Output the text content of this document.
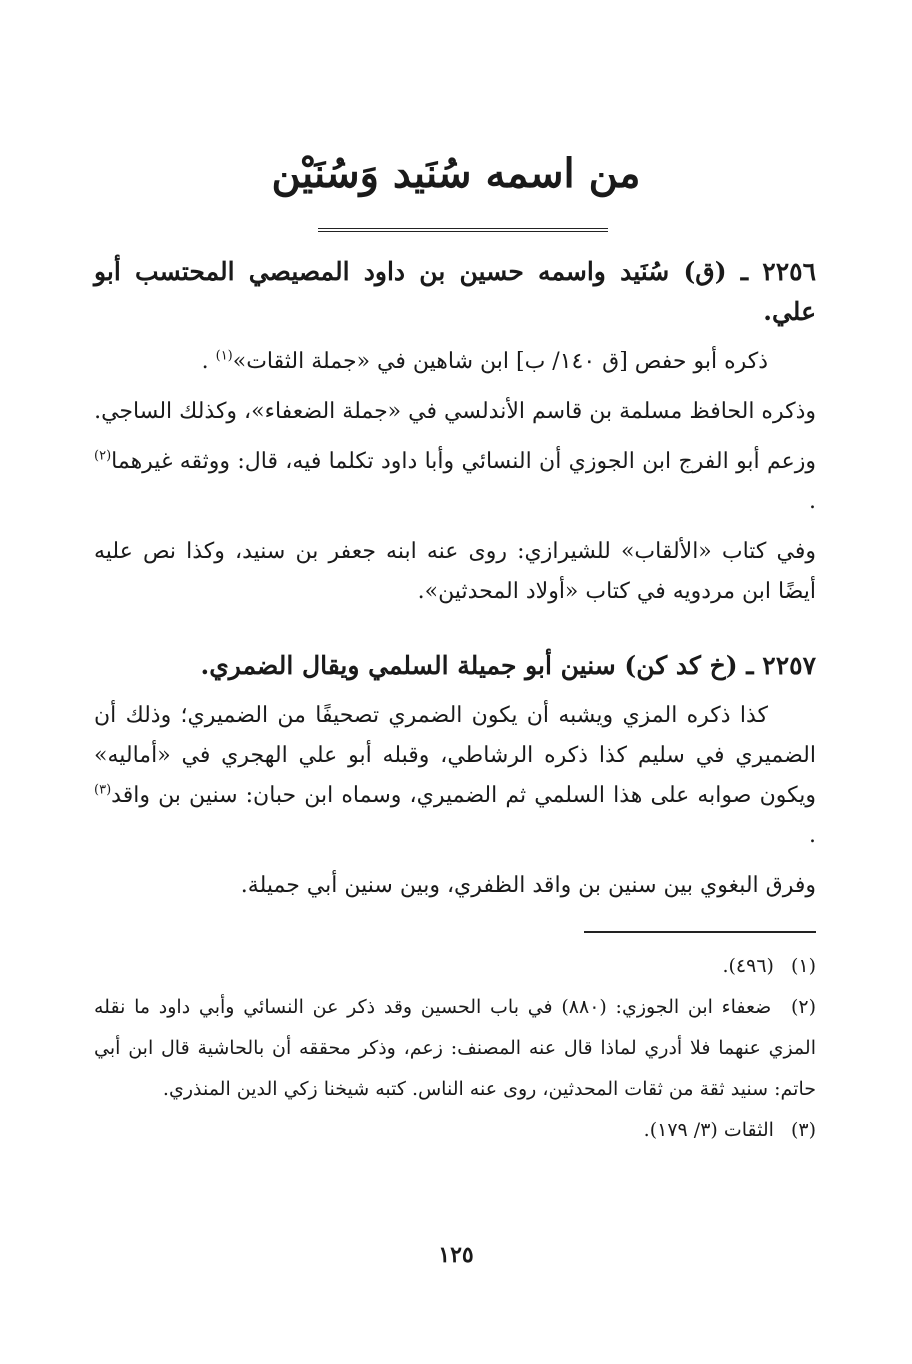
من اسمه سُنَيد وَسُنَيْن

٢٢٥٦ ـ (ق) سُنَيد واسمه حسين بن داود المصيصي المحتسب أبو علي.

ذكره أبو حفص [ق ١٤٠/ ب] ابن شاهين في «جملة الثقات»$^{(١)}$ .

وذكره الحافظ مسلمة بن قاسم الأندلسي في «جملة الضعفاء»، وكذلك الساجي.

وزعم أبو الفرج ابن الجوزي أن النسائي وأبا داود تكلما فيه، قال: ووثقه غيرهما$^{(٢)}$ .

وفي كتاب «الألقاب» للشيرازي: روى عنه ابنه جعفر بن سنيد، وكذا نص عليه أيضًا ابن مردويه في كتاب «أولاد المحدثين».

٢٢٥٧ ـ (خ كد كن) سنين أبو جميلة السلمي ويقال الضمري.

كذا ذكره المزي ويشبه أن يكون الضمري تصحيفًا من الضميري؛ وذلك أن الضميري في سليم كذا ذكره الرشاطي، وقبله أبو علي الهجري في «أماليه» ويكون صوابه على هذا السلمي ثم الضميري، وسماه ابن حبان: سنين بن واقد$^{(٣)}$ .

وفرق البغوي بين سنين بن واقد الظفري، وبين سنين أبي جميلة.

(١) (٤٩٦).

(٢) ضعفاء ابن الجوزي: (٨٨٠) في باب الحسين وقد ذكر عن النسائي وأبي داود ما نقله المزي عنهما فلا أدري لماذا قال عنه المصنف: زعم، وذكر محققه أن بالحاشية قال ابن أبي حاتم: سنيد ثقة من ثقات المحدثين، روى عنه الناس. كتبه شيخنا زكي الدين المنذري.

(٣) الثقات (٣/ ١٧٩).

١٢٥
